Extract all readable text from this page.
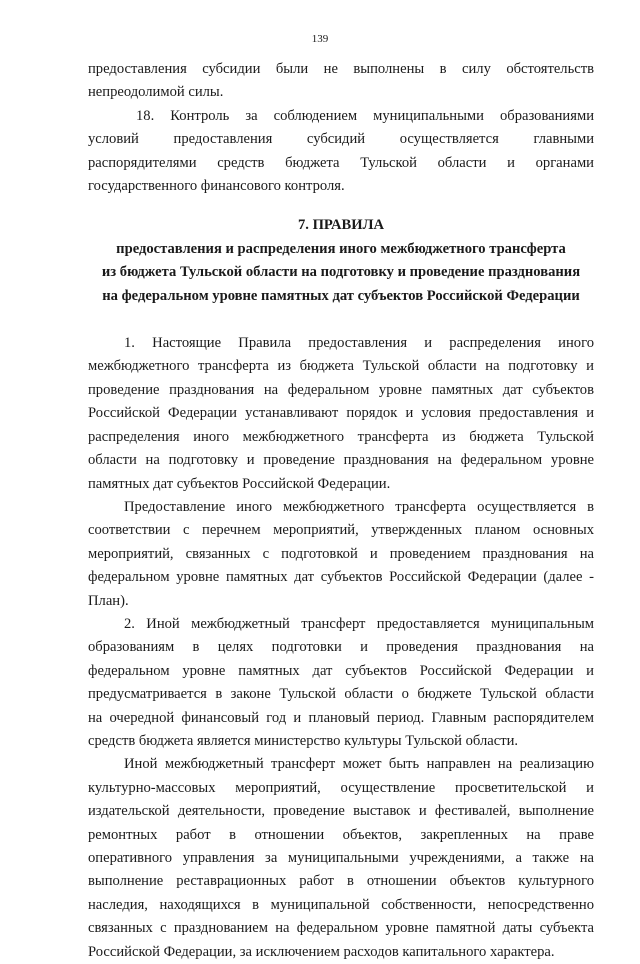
139
предоставления субсидии были не выполнены в силу обстоятельств
непреодолимой силы.
18. Контроль за соблюдением муниципальными образованиями
условий предоставления субсидий осуществляется главными
распорядителями средств бюджета Тульской области и органами
государственного финансового контроля.
7. ПРАВИЛА
предоставления и распределения иного межбюджетного трансферта
из бюджета Тульской области на подготовку и проведение празднования
на федеральном уровне памятных дат субъектов Российской Федерации
1. Настоящие Правила предоставления и распределения иного
межбюджетного трансферта из бюджета Тульской области на подготовку и
проведение празднования на федеральном уровне памятных дат субъектов
Российской Федерации устанавливают порядок и условия предоставления и
распределения иного межбюджетного трансферта из бюджета Тульской
области на подготовку и проведение празднования на федеральном уровне
памятных дат субъектов Российской Федерации.
Предоставление иного межбюджетного трансферта осуществляется в
соответствии с перечнем мероприятий, утвержденных планом основных
мероприятий, связанных с подготовкой и проведением празднования на
федеральном уровне памятных дат субъектов Российской Федерации (далее -
План).
2. Иной межбюджетный трансферт предоставляется муниципальным
образованиям в целях подготовки и проведения празднования на
федеральном уровне памятных дат субъектов Российской Федерации и
предусматривается в законе Тульской области о бюджете Тульской области
на очередной финансовый год и плановый период. Главным распорядителем
средств бюджета является министерство культуры Тульской области.
Иной межбюджетный трансферт может быть направлен на реализацию
культурно-массовых мероприятий, осуществление просветительской и
издательской деятельности, проведение выставок и фестивалей, выполнение
ремонтных работ в отношении объектов, закрепленных на праве
оперативного управления за муниципальными учреждениями, а также на
выполнение реставрационных работ в отношении объектов культурного
наследия, находящихся в муниципальной собственности, непосредственно
связанных с празднованием на федеральном уровне памятной даты субъекта
Российской Федерации, за исключением расходов капитального характера.
